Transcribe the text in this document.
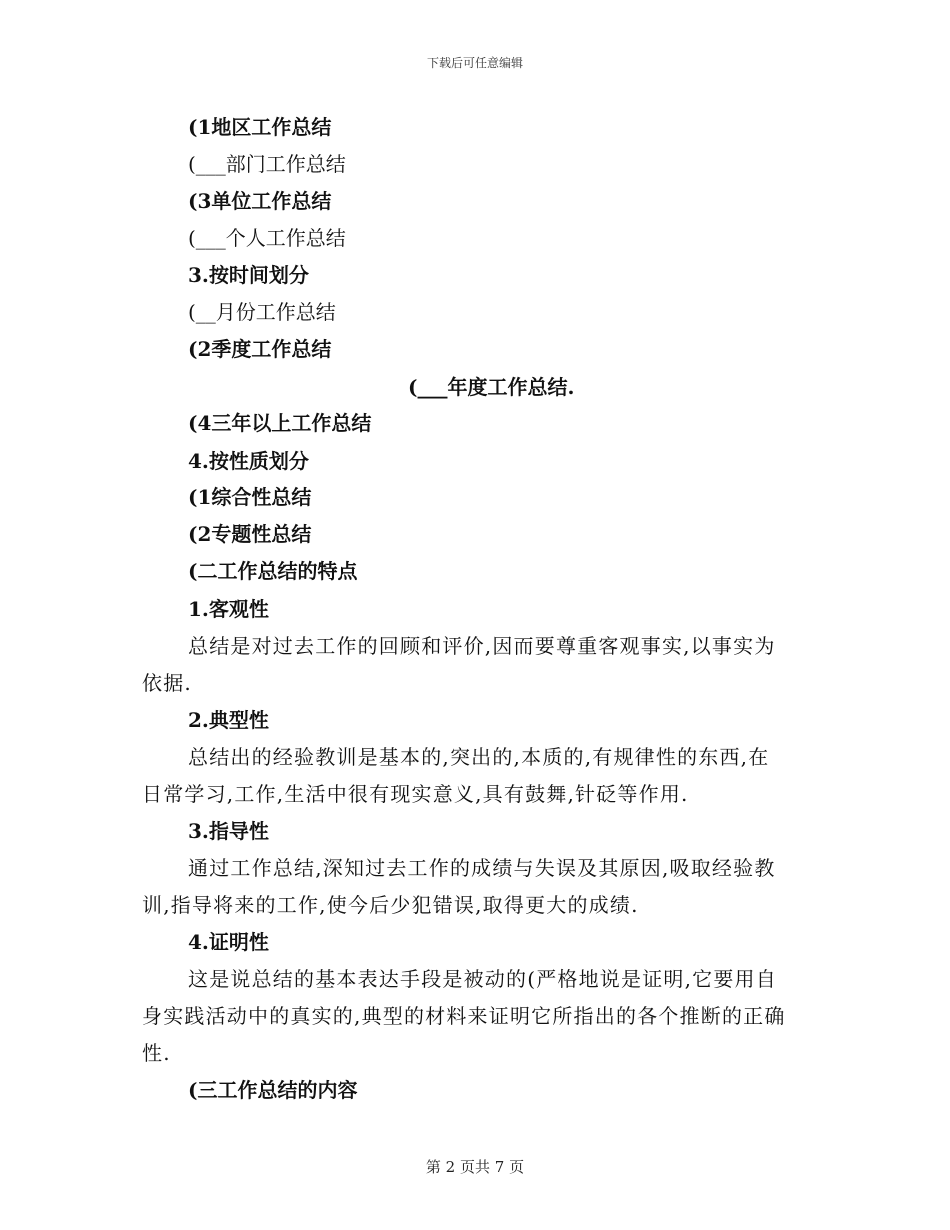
下载后可任意编辑
(1地区工作总结
(___部门工作总结
(3单位工作总结
(___个人工作总结
3.按时间划分
(__月份工作总结
(2季度工作总结
(___年度工作总结.
(4三年以上工作总结
4.按性质划分
(1综合性总结
(2专题性总结
(二工作总结的特点
1.客观性
总结是对过去工作的回顾和评价,因而要尊重客观事实,以事实为
依据.
2.典型性
总结出的经验教训是基本的,突出的,本质的,有规律性的东西,在
日常学习,工作,生活中很有现实意义,具有鼓舞,针砭等作用.
3.指导性
通过工作总结,深知过去工作的成绩与失误及其原因,吸取经验教
训,指导将来的工作,使今后少犯错误,取得更大的成绩.
4.证明性
这是说总结的基本表达手段是被动的(严格地说是证明,它要用自
身实践活动中的真实的,典型的材料来证明它所指出的各个推断的正确
性.
(三工作总结的内容
第 2 页共 7 页
